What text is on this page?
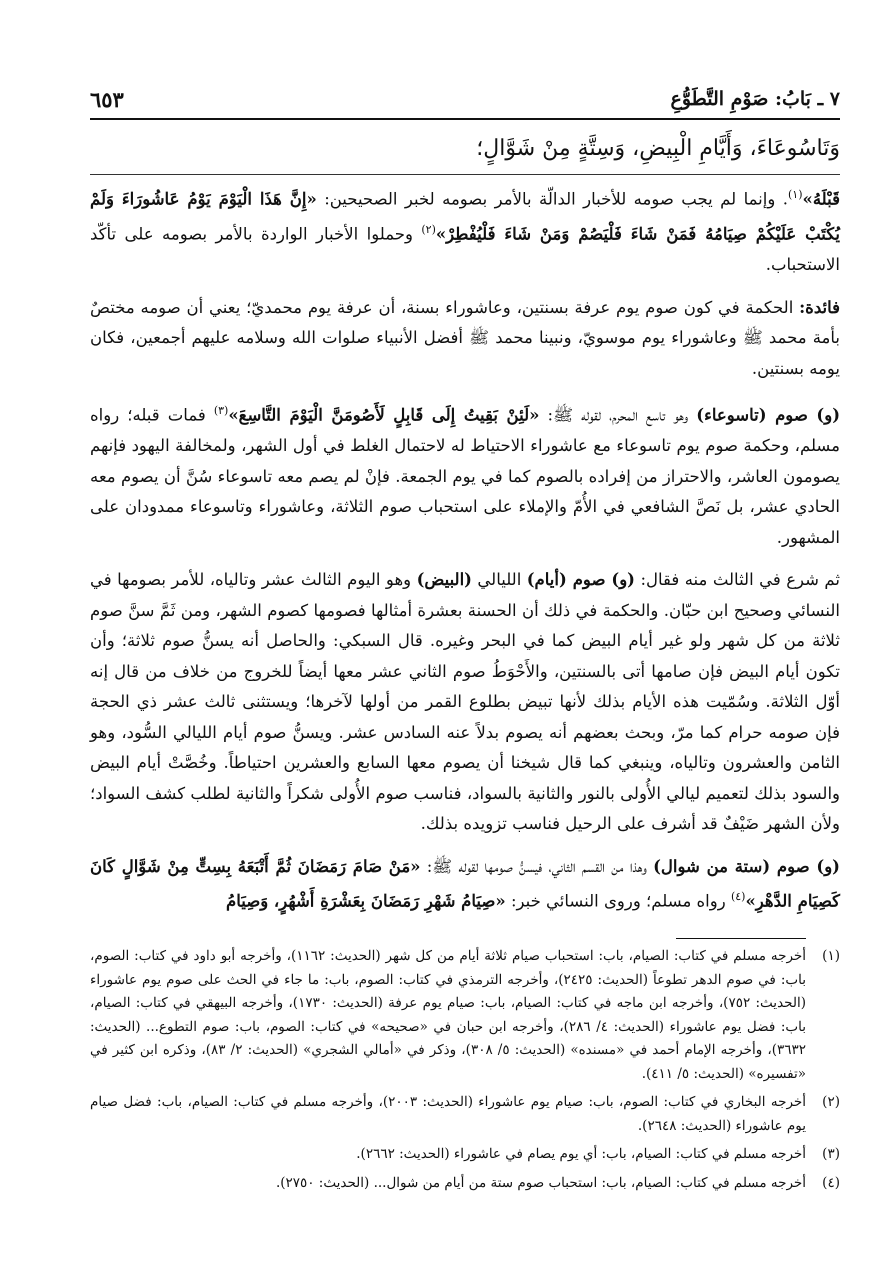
٧ ـ بَابُ: صَوْمِ التَّطَوُّعِ
٦٥٣
وَتَاسُوعَاءَ، وَأَيَّامِ الْبِيضِ، وَسِتَّةٍ مِنْ شَوَّالٍ؛

قَبْلَهُ»$^{(١)}$. وإنما لم يجب صومه للأخبار الدالّة بالأمر بصومه لخبر الصحيحين: «إِنَّ هَذَا الْيَوْمَ يَوْمُ عَاشُورَاءَ وَلَمْ يُكْتَبْ عَلَيْكُمْ صِيَامُهُ فَمَنْ شَاءَ فَلْيَصُمْ وَمَنْ شَاءَ فَلْيُفْطِرْ»$^{(٢)}$ وحملوا الأخبار الواردة بالأمر بصومه على تأكّد الاستحباب.

فائدة: الحكمة في كون صوم يوم عرفة بسنتين، وعاشوراء بسنة، أن عرفة يوم محمديّ؛ يعني أن صومه مختصٌ بأمة محمد ﷺ وعاشوراء يوم موسويّ، ونبينا محمد ﷺ أفضل الأنبياء صلوات الله وسلامه عليهم أجمعين، فكان يومه بسنتين.

(و) صوم (تاسوعاء) وهو تاسع المحرم، لقوله ﷺ: «لَئِنْ بَقِيتُ إِلَى قَابِلٍ لَأَصُومَنَّ الْيَوْمَ التَّاسِعَ»$^{(٣)}$ فمات قبله؛ رواه مسلم، وحكمة صوم يوم تاسوعاء مع عاشوراء الاحتياط له لاحتمال الغلط في أول الشهر، ولمخالفة اليهود فإنهم يصومون العاشر، والاحتراز من إفراده بالصوم كما في يوم الجمعة. فإنْ لم يصم معه تاسوعاء سُنَّ أن يصوم معه الحادي عشر، بل نَصَّ الشافعي في الأُمّ والإملاء على استحباب صوم الثلاثة، وعاشوراء وتاسوعاء ممدودان على المشهور.

ثم شرع في الثالث منه فقال: (و) صوم (أيام) الليالي (البيض) وهو اليوم الثالث عشر وتالياه، للأمر بصومها في النسائي وصحيح ابن حبّان. والحكمة في ذلك أن الحسنة بعشرة أمثالها فصومها كصوم الشهر، ومن ثَمَّ سنَّ صوم ثلاثة من كل شهر ولو غير أيام البيض كما في البحر وغيره. قال السبكي: والحاصل أنه يسنُّ صوم ثلاثة؛ وأن تكون أيام البيض فإن صامها أتى بالسنتين، والأَحْوَطُ صوم الثاني عشر معها أيضاً للخروج من خلاف من قال إنه أوّل الثلاثة. وسُمّيت هذه الأيام بذلك لأنها تبيض بطلوع القمر من أولها لآخرها؛ ويستثنى ثالث عشر ذي الحجة فإن صومه حرام كما مرّ، وبحث بعضهم أنه يصوم بدلاً عنه السادس عشر. ويسنُّ صوم أيام الليالي السُّود، وهو الثامن والعشرون وتالياه، وينبغي كما قال شيخنا أن يصوم معها السابع والعشرين احتياطاً. وخُصَّتْ أيام البيض والسود بذلك لتعميم ليالي الأُولى بالنور والثانية بالسواد، فناسب صوم الأُولى شكراً والثانية لطلب كشف السواد؛ ولأن الشهر ضَيْفٌ قد أشرف على الرحيل فناسب تزويده بذلك.

(و) صوم (ستة من شوال) وهذا من القسم الثاني، فيسنُّ صومها لقوله ﷺ: «مَنْ صَامَ رَمَضَانَ ثُمَّ أَتْبَعَهُ بِسِتٍّ مِنْ شَوَّالٍ كَانَ كَصِيَامِ الدَّهْرِ»$^{(٤)}$ رواه مسلم؛ وروى النسائي خبر: «صِيَامُ شَهْرِ رَمَضَانَ بِعَشْرَةِ أَشْهُرٍ، وَصِيَامُ

(١)
أخرجه مسلم في كتاب: الصيام، باب: استحباب صيام ثلاثة أيام من كل شهر (الحديث: ١١٦٢)، وأخرجه أبو داود في كتاب: الصوم، باب: في صوم الدهر تطوعاً (الحديث: ٢٤٢٥)، وأخرجه الترمذي في كتاب: الصوم، باب: ما جاء في الحث على صوم يوم عاشوراء (الحديث: ٧٥٢)، وأخرجه ابن ماجه في كتاب: الصيام، باب: صيام يوم عرفة (الحديث: ١٧٣٠)، وأخرجه البيهقي في كتاب: الصيام، باب: فضل يوم عاشوراء (الحديث: ٤/ ٢٨٦)، وأخرجه ابن حبان في «صحيحه» في كتاب: الصوم، باب: صوم التطوع... (الحديث: ٣٦٣٢)، وأخرجه الإمام أحمد في «مسنده» (الحديث: ٥/ ٣٠٨)، وذكر في «أمالي الشجري» (الحديث: ٢/ ٨٣)، وذكره ابن كثير في «تفسيره» (الحديث: ٥/ ٤١١).
(٢)
أخرجه البخاري في كتاب: الصوم، باب: صيام يوم عاشوراء (الحديث: ٢٠٠٣)، وأخرجه مسلم في كتاب: الصيام، باب: فضل صيام يوم عاشوراء (الحديث: ٢٦٤٨).
(٣)
أخرجه مسلم في كتاب: الصيام، باب: أي يوم يصام في عاشوراء (الحديث: ٢٦٦٢).
(٤)
أخرجه مسلم في كتاب: الصيام، باب: استحباب صوم ستة من أيام من شوال... (الحديث: ٢٧٥٠).
